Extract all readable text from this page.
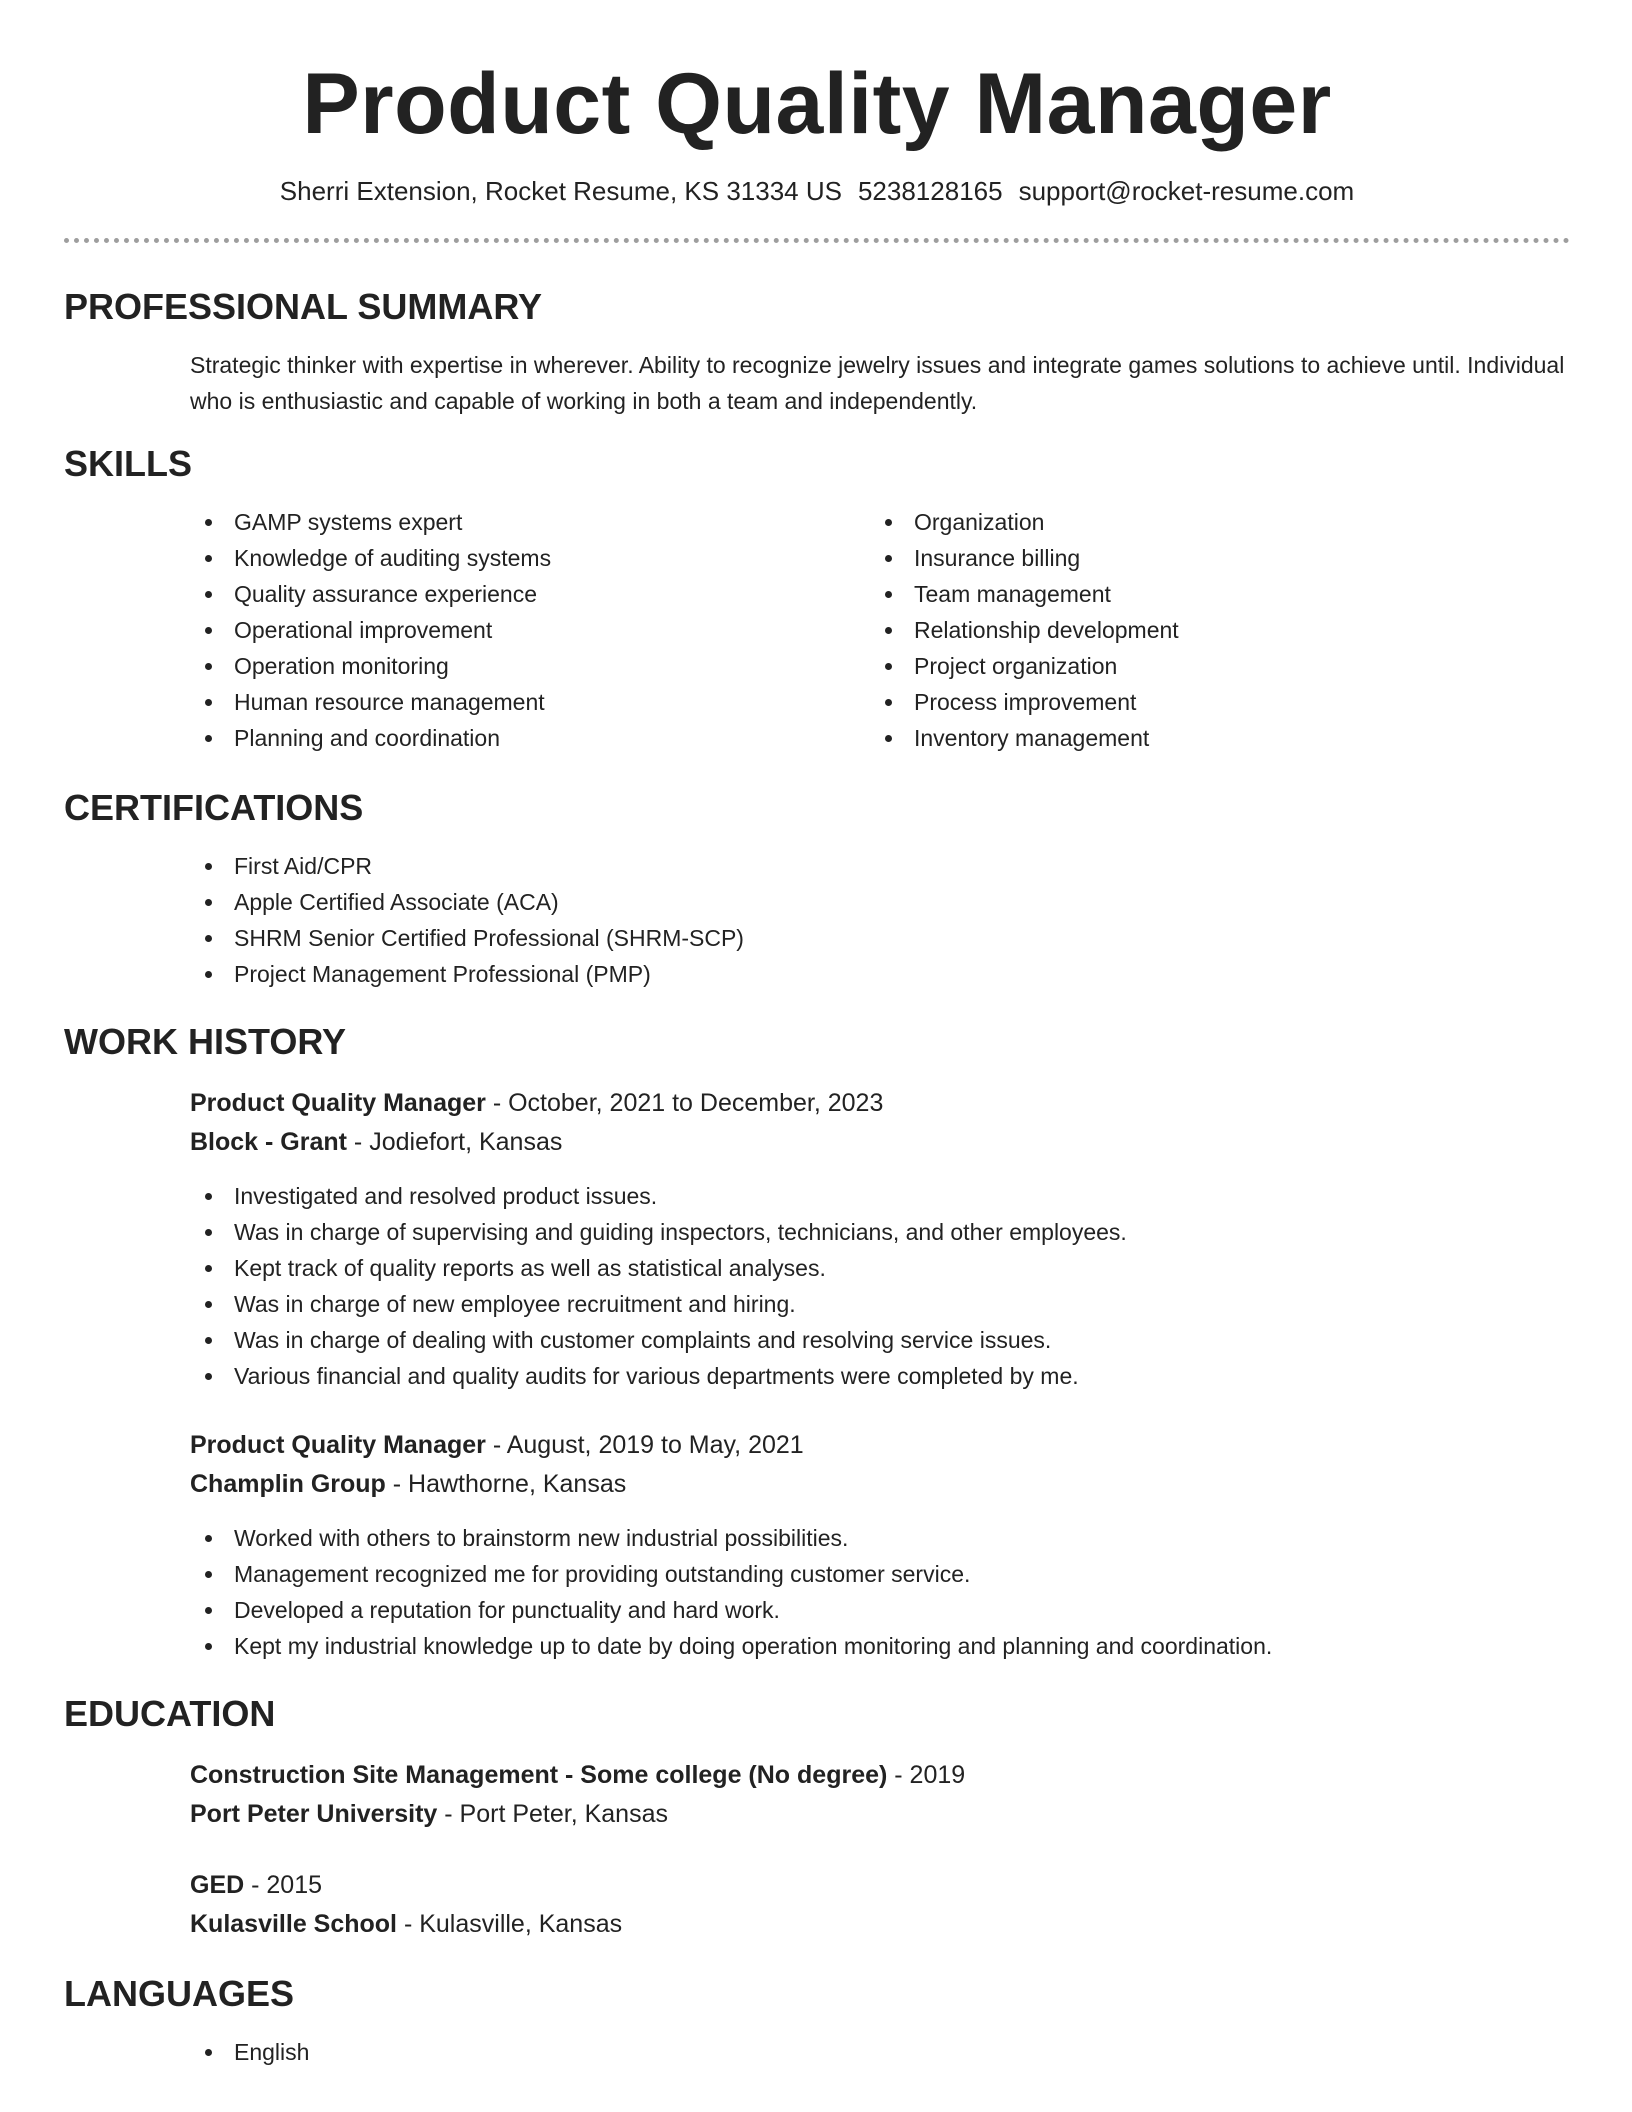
Product Quality Manager
Sherri Extension, Rocket Resume, KS 31334 US 5238128165 support@rocket-resume.com
PROFESSIONAL SUMMARY

Strategic thinker with expertise in wherever. Ability to recognize jewelry issues and integrate games solutions to achieve until. Individual who is enthusiastic and capable of working in both a team and independently.

SKILLS
GAMP systems expert
Knowledge of auditing systems
Quality assurance experience
Operational improvement
Operation monitoring
Human resource management
Planning and coordination
Organization
Insurance billing
Team management
Relationship development
Project organization
Process improvement
Inventory management
CERTIFICATIONS
First Aid/CPR
Apple Certified Associate (ACA)
SHRM Senior Certified Professional (SHRM-SCP)
Project Management Professional (PMP)
WORK HISTORY
Product Quality Manager - October, 2021 to December, 2023
Block - Grant - Jodiefort, Kansas
Investigated and resolved product issues.
Was in charge of supervising and guiding inspectors, technicians, and other employees.
Kept track of quality reports as well as statistical analyses.
Was in charge of new employee recruitment and hiring.
Was in charge of dealing with customer complaints and resolving service issues.
Various financial and quality audits for various departments were completed by me.
Product Quality Manager - August, 2019 to May, 2021
Champlin Group - Hawthorne, Kansas
Worked with others to brainstorm new industrial possibilities.
Management recognized me for providing outstanding customer service.
Developed a reputation for punctuality and hard work.
Kept my industrial knowledge up to date by doing operation monitoring and planning and coordination.
EDUCATION
Construction Site Management - Some college (No degree) - 2019
Port Peter University - Port Peter, Kansas
GED - 2015
Kulasville School - Kulasville, Kansas
LANGUAGES
English
